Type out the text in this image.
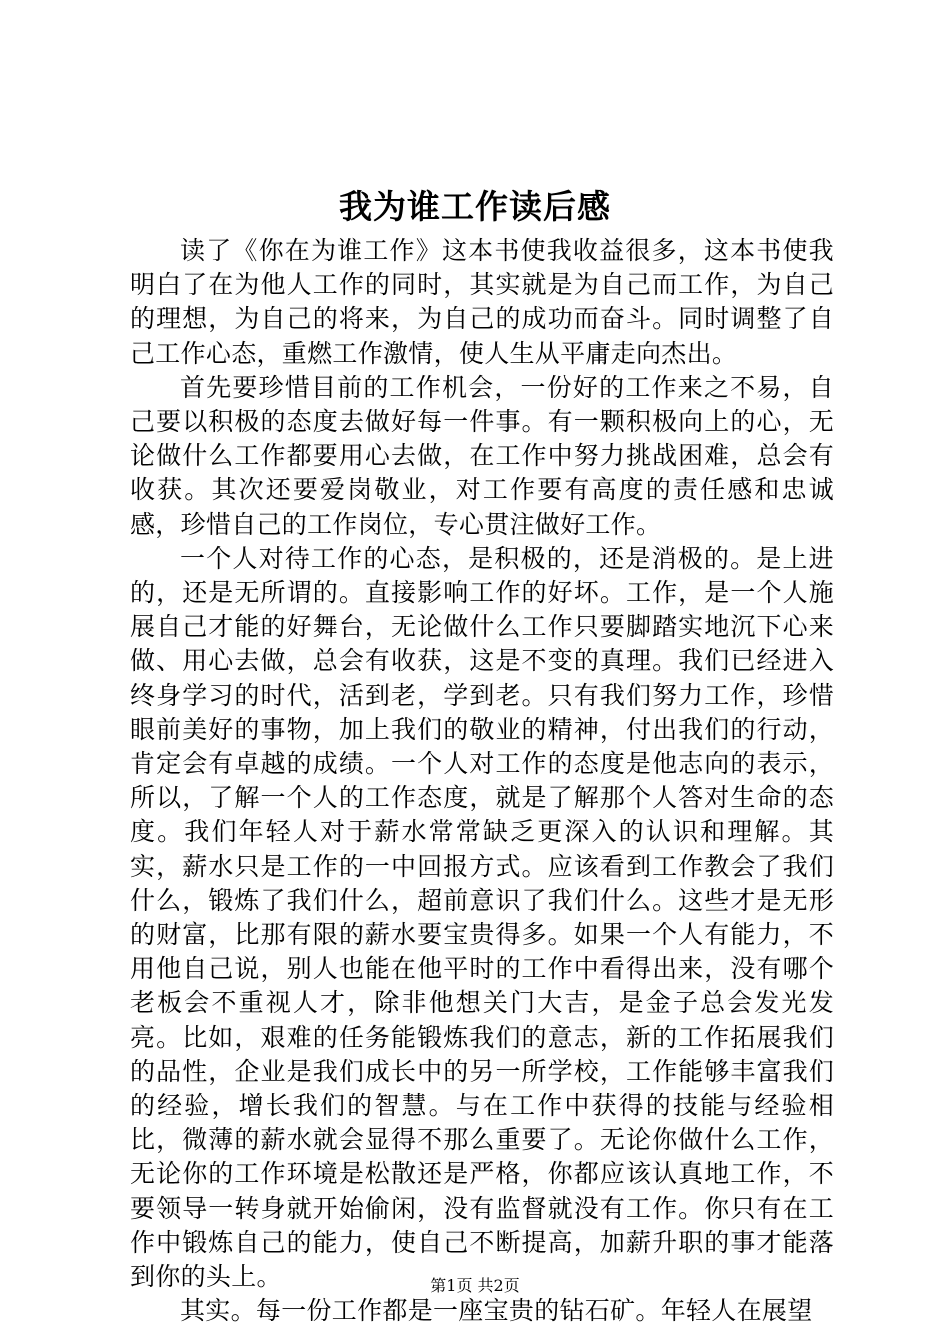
我为谁工作读后感

读了《你在为谁工作》这本书使我收益很多，这本书使我明白了在为他人工作的同时，其实就是为自己而工作，为自己的理想，为自己的将来，为自己的成功而奋斗。同时调整了自己工作心态，重燃工作激情，使人生从平庸走向杰出。

首先要珍惜目前的工作机会，一份好的工作来之不易，自己要以积极的态度去做好每一件事。有一颗积极向上的心，无论做什么工作都要用心去做，在工作中努力挑战困难，总会有收获。其次还要爱岗敬业，对工作要有高度的责任感和忠诚感，珍惜自己的工作岗位，专心贯注做好工作。

一个人对待工作的心态，是积极的，还是消极的。是上进的，还是无所谓的。直接影响工作的好坏。工作，是一个人施展自己才能的好舞台，无论做什么工作只要脚踏实地沉下心来做、用心去做，总会有收获，这是不变的真理。我们已经进入终身学习的时代，活到老，学到老。只有我们努力工作，珍惜眼前美好的事物，加上我们的敬业的精神，付出我们的行动，肯定会有卓越的成绩。一个人对工作的态度是他志向的表示，所以，了解一个人的工作态度，就是了解那个人答对生命的态度。我们年轻人对于薪水常常缺乏更深入的认识和理解。其实，薪水只是工作的一中回报方式。应该看到工作教会了我们什么，锻炼了我们什么，超前意识了我们什么。这些才是无形的财富，比那有限的薪水要宝贵得多。如果一个人有能力，不用他自己说，别人也能在他平时的工作中看得出来，没有哪个老板会不重视人才，除非他想关门大吉，是金子总会发光发亮。比如，艰难的任务能锻炼我们的意志，新的工作拓展我们的品性，企业是我们成长中的另一所学校，工作能够丰富我们的经验，增长我们的智慧。与在工作中获得的技能与经验相比，微薄的薪水就会显得不那么重要了。无论你做什么工作，无论你的工作环境是松散还是严格，你都应该认真地工作，不要领导一转身就开始偷闲，没有监督就没有工作。你只有在工作中锻炼自己的能力，使自己不断提高，加薪升职的事才能落到你的头上。

其实。每一份工作都是一座宝贵的钻石矿。年轻人在展望

第1页 共2页
